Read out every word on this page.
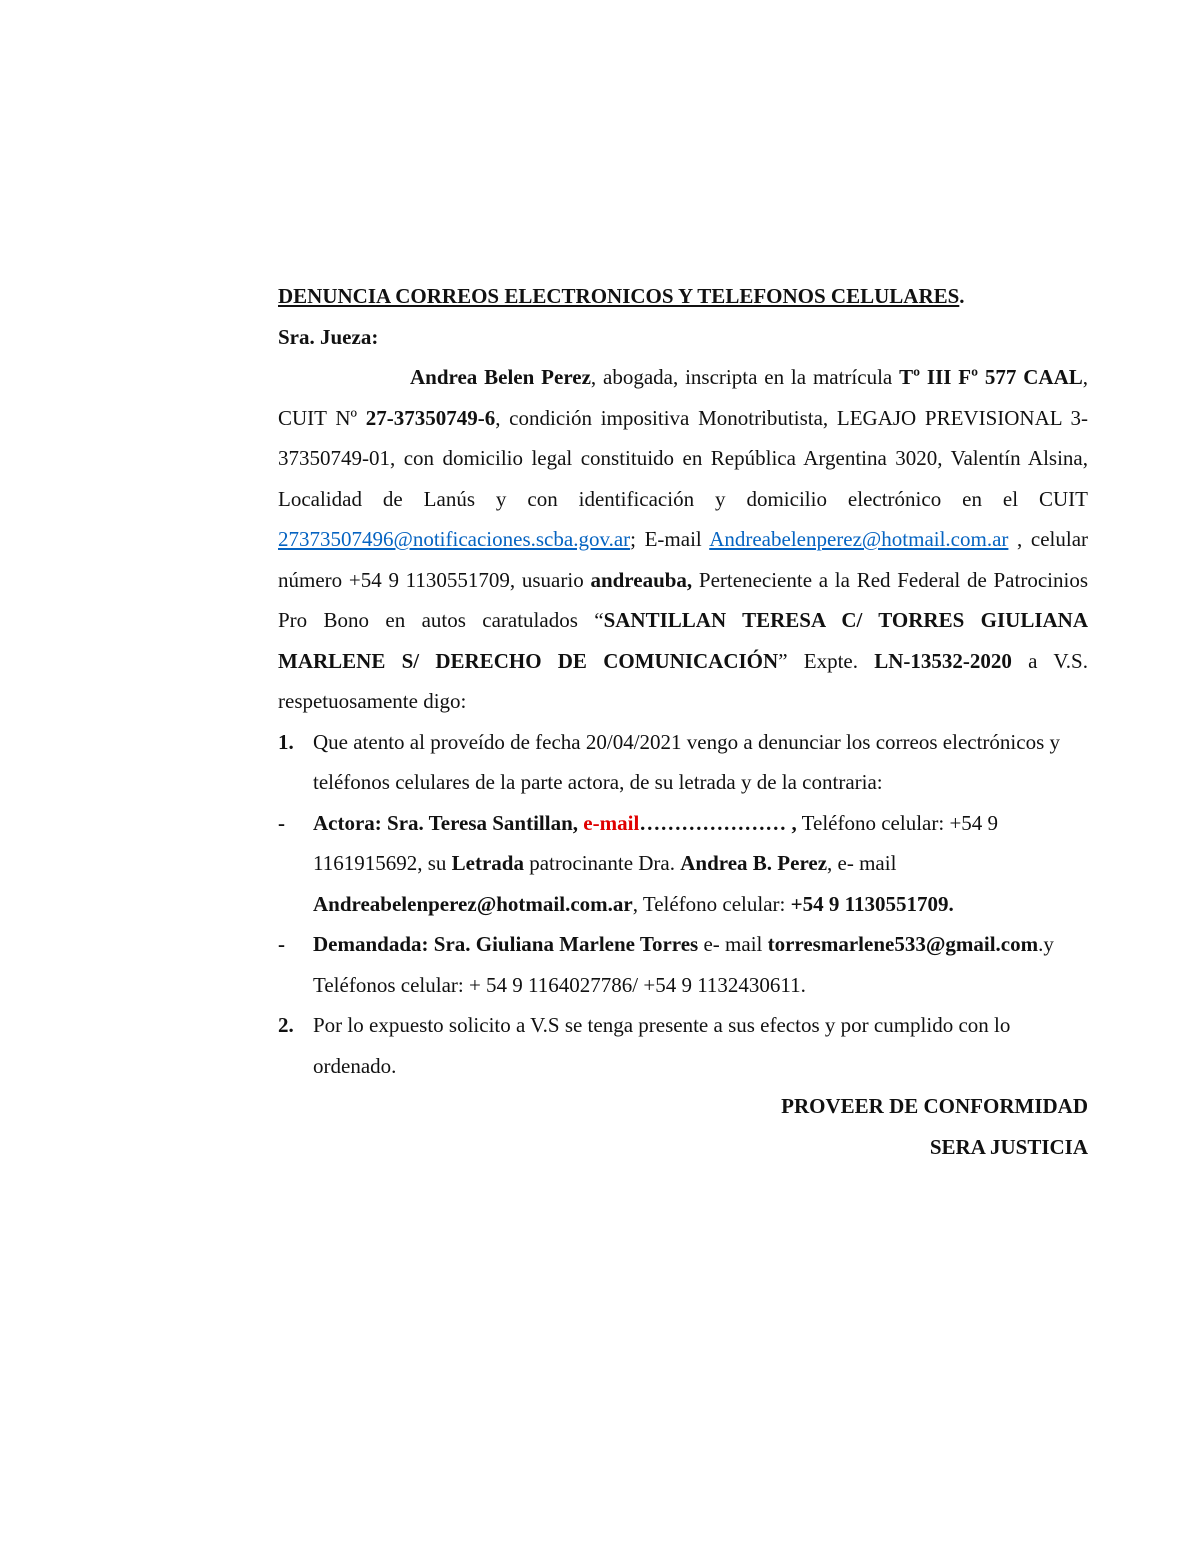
DENUNCIA CORREOS ELECTRONICOS Y TELEFONOS CELULARES.

Sra. Jueza:

Andrea Belen Perez, abogada, inscripta en la matrícula Tº III Fº 577 CAAL, CUIT Nº 27-37350749-6, condición impositiva Monotributista, LEGAJO PREVISIONAL 3-37350749-01, con domicilio legal constituido en República Argentina 3020, Valentín Alsina, Localidad de Lanús y con identificación y domicilio electrónico en el CUIT 27373507496@notificaciones.scba.gov.ar; E-mail Andreabelenperez@hotmail.com.ar , celular número +54 9 1130551709, usuario andreauba, Perteneciente a la Red Federal de Patrocinios Pro Bono en autos caratulados “SANTILLAN TERESA C/ TORRES GIULIANA MARLENE S/ DERECHO DE COMUNICACIÓN” Expte. LN-13532-2020 a V.S. respetuosamente digo:

1. Que atento al proveído de fecha 20/04/2021 vengo a denunciar los correos electrónicos y teléfonos celulares de la parte actora, de su letrada y de la contraria:
- Actora: Sra. Teresa Santillan, e-mail………………… , Teléfono celular: +54 9 1161915692, su Letrada patrocinante Dra. Andrea B. Perez, e- mail Andreabelenperez@hotmail.com.ar, Teléfono celular: +54 9 1130551709.
- Demandada: Sra. Giuliana Marlene Torres e- mail torresmarlene533@gmail.com.y Teléfonos celular: + 54 9 1164027786/ +54 9 1132430611.
2. Por lo expuesto solicito a V.S se tenga presente a sus efectos y por cumplido con lo ordenado.

PROVEER DE CONFORMIDAD

SERA JUSTICIA
